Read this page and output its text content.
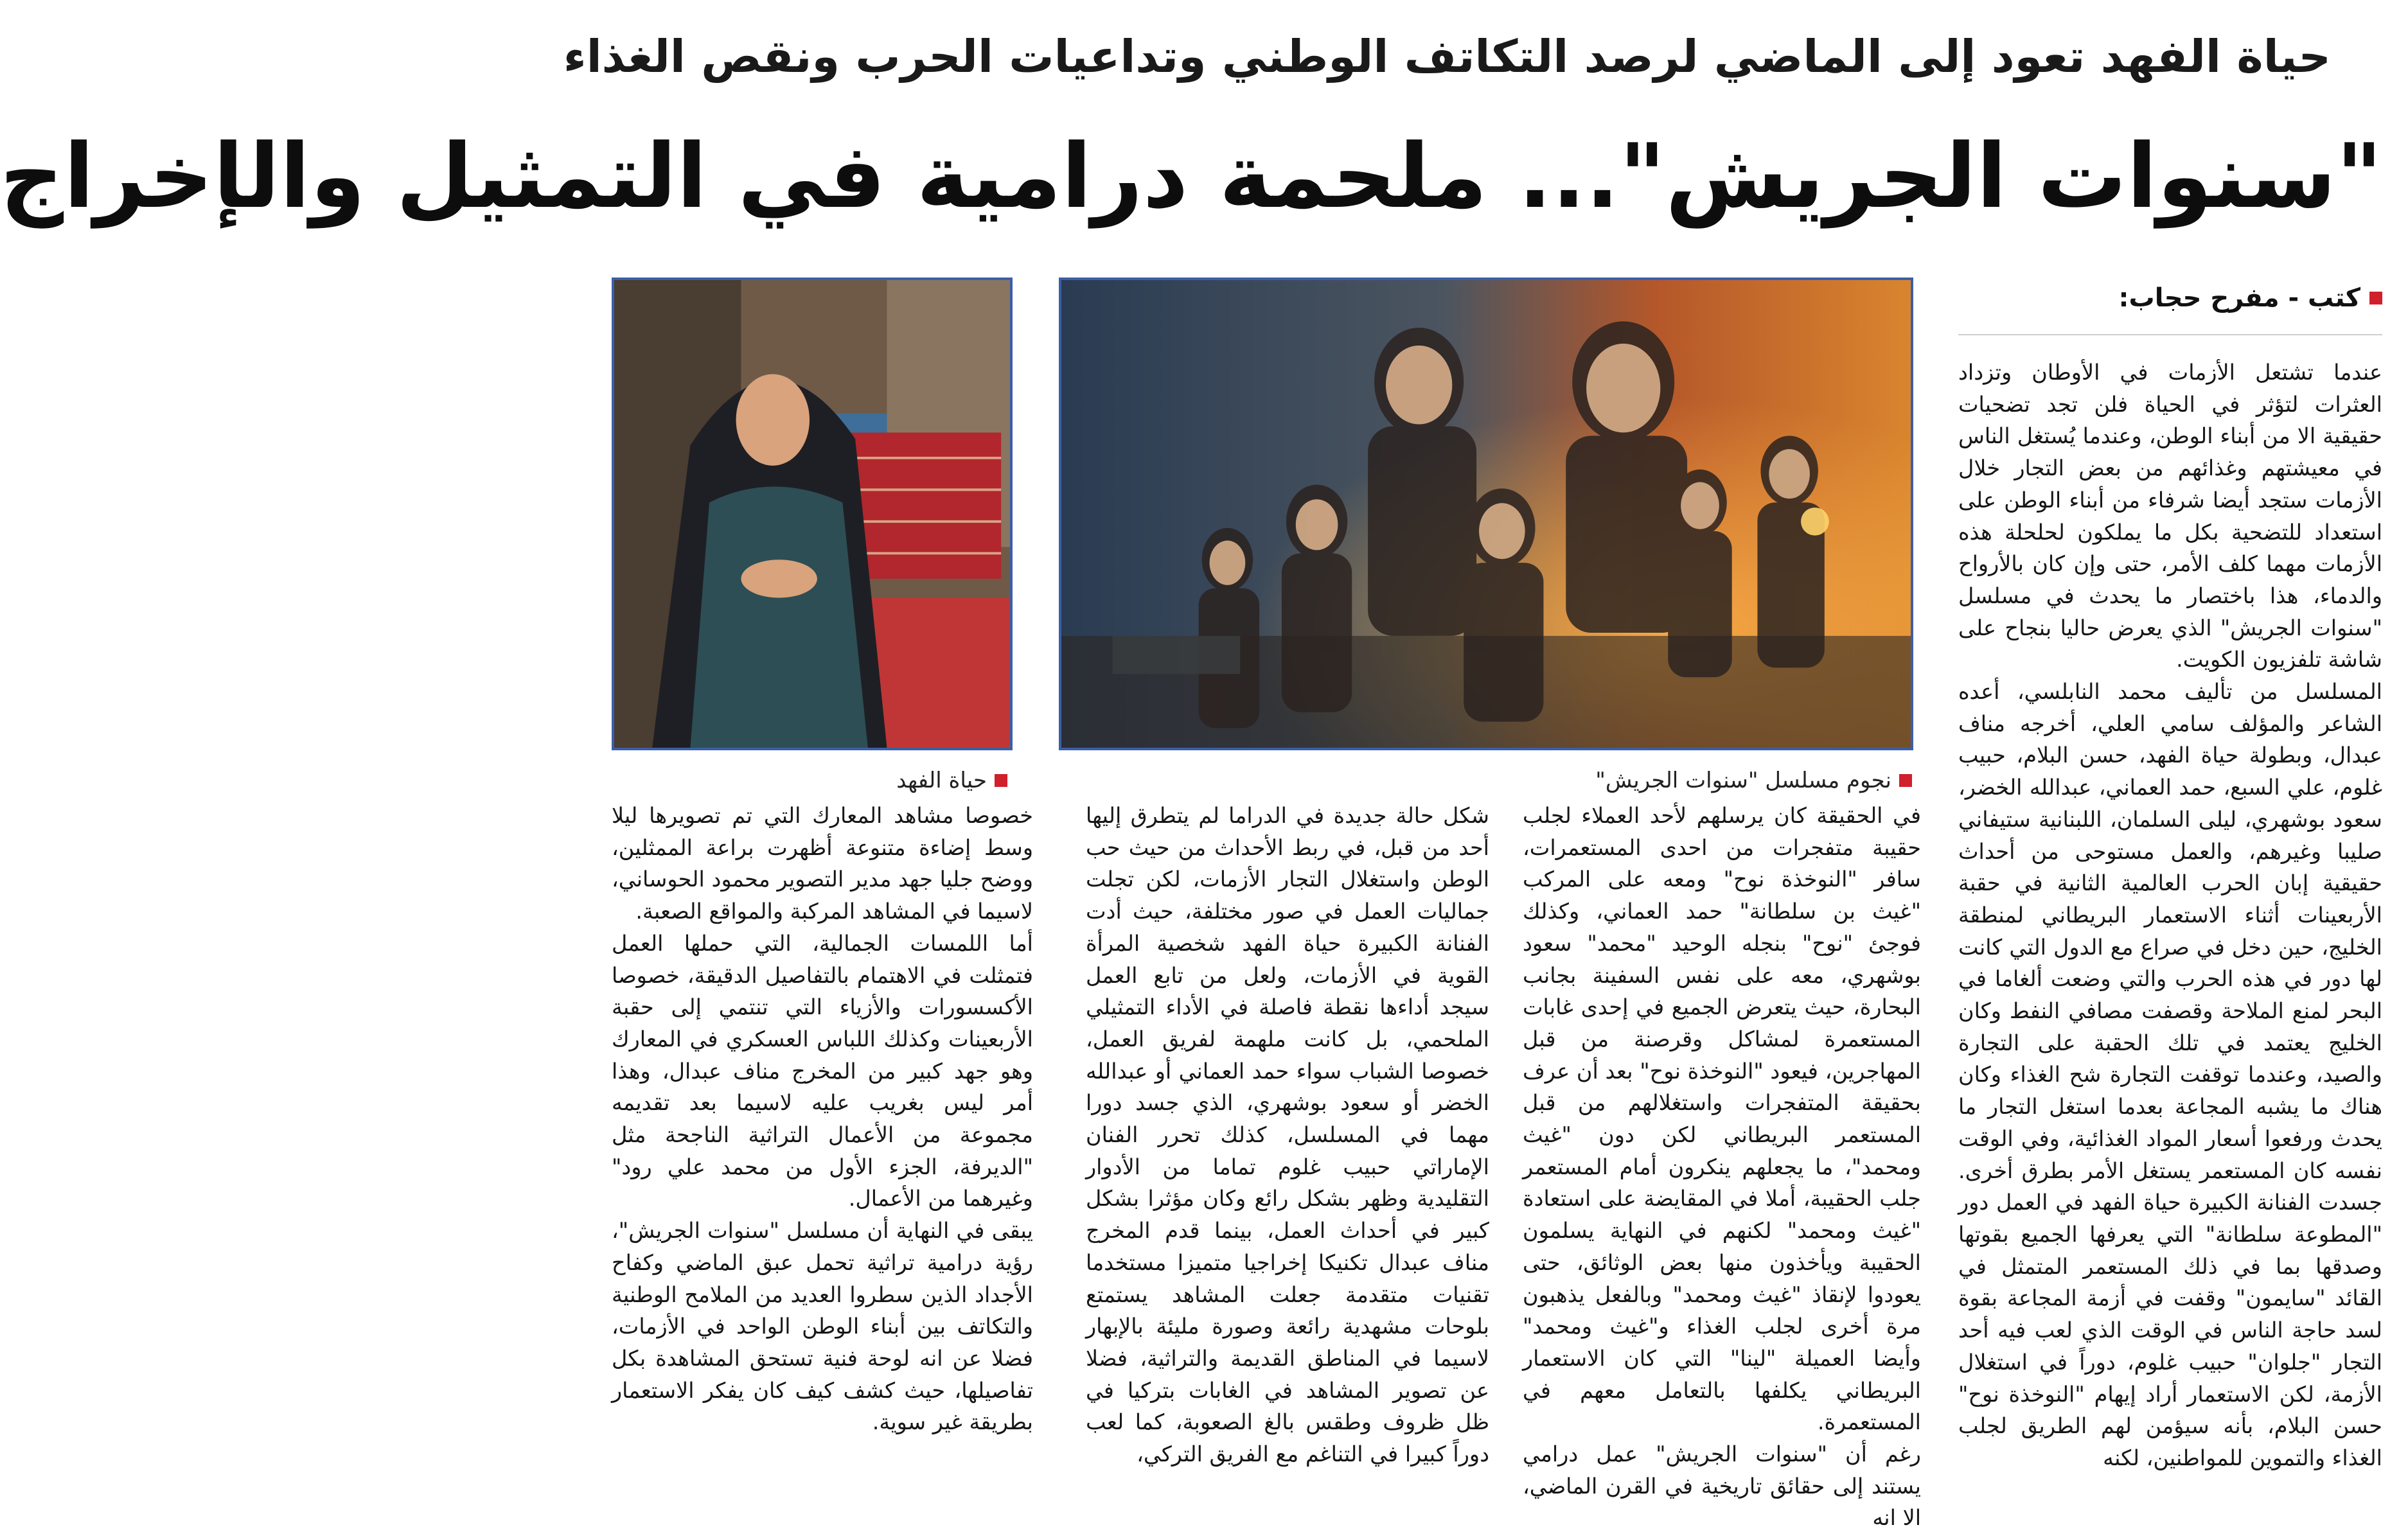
حياة الفهد تعود إلى الماضي لرصد التكاتف الوطني وتداعيات الحرب ونقص الغذاء
"سنوات الجريش"... ملحمة درامية في التمثيل والإخراج
نجوم مسلسل "سنوات الجريش"
حياة الفهد
كتب - مفرح حجاب:
عندما تشتعل الأزمات في الأوطان وتزداد العثرات لتؤثر في الحياة فلن تجد تضحيات حقيقية الا من أبناء الوطن، وعندما يُستغل الناس في معيشتهم وغذائهم من بعض التجار خلال الأزمات ستجد أيضا شرفاء من أبناء الوطن على استعداد للتضحية بكل ما يملكون لحلحلة هذه الأزمات مهما كلف الأمر، حتى وإن كان بالأرواح والدماء، هذا باختصار ما يحدث في مسلسل "سنوات الجريش" الذي يعرض حاليا بنجاح على شاشة تلفزيون الكويت.
المسلسل من تأليف محمد النابلسي، أعده الشاعر والمؤلف سامي العلي، أخرجه مناف عبدال، وبطولة حياة الفهد، حسن البلام، حبيب غلوم، علي السبع، حمد العماني، عبدالله الخضر، سعود بوشهري، ليلى السلمان، اللبنانية ستيفاني صليبا وغيرهم، والعمل مستوحى من أحداث حقيقية إبان الحرب العالمية الثانية في حقبة الأربعينات أثناء الاستعمار البريطاني لمنطقة الخليج، حين دخل في صراع مع الدول التي كانت لها دور في هذه الحرب والتي وضعت ألغاما في البحر لمنع الملاحة وقصفت مصافي النفط وكان الخليج يعتمد في تلك الحقبة على التجارة والصيد، وعندما توقفت التجارة شح الغذاء وكان هناك ما يشبه المجاعة بعدما استغل التجار ما يحدث ورفعوا أسعار المواد الغذائية، وفي الوقت نفسه كان المستعمر يستغل الأمر بطرق أخرى. جسدت الفنانة الكبيرة حياة الفهد في العمل دور "المطوعة سلطانة" التي يعرفها الجميع بقوتها وصدقها بما في ذلك المستعمر المتمثل في القائد "سايمون" وقفت في أزمة المجاعة بقوة لسد حاجة الناس في الوقت الذي لعب فيه أحد التجار "جلوان" حبيب غلوم، دوراً في استغلال الأزمة، لكن الاستعمار أراد إيهام "النوخذة نوح" حسن البلام، بأنه سيؤمن لهم الطريق لجلب الغذاء والتموين للمواطنين، لكنه
في الحقيقة كان يرسلهم لأحد العملاء لجلب حقيبة متفجرات من احدى المستعمرات، سافر "النوخذة نوح" ومعه على المركب "غيث بن سلطانة" حمد العماني، وكذلك فوجئ "نوح" بنجله الوحيد "محمد" سعود بوشهري، معه على نفس السفينة بجانب البحارة، حيث يتعرض الجميع في إحدى غابات المستعمرة لمشاكل وقرصنة من قبل المهاجرين، فيعود "النوخذة نوح" بعد أن عرف بحقيقة المتفجرات واستغلالهم من قبل المستعمر البريطاني لكن دون "غيث ومحمد"، ما يجعلهم ينكرون أمام المستعمر جلب الحقيبة، أملا في المقايضة على استعادة "غيث ومحمد" لكنهم في النهاية يسلمون الحقيبة ويأخذون منها بعض الوثائق، حتى يعودوا لإنقاذ "غيث ومحمد" وبالفعل يذهبون مرة أخرى لجلب الغذاء و"غيث ومحمد" وأيضا العميلة "لينا" التي كان الاستعمار البريطاني يكلفها بالتعامل معهم في المستعمرة.
رغم أن "سنوات الجريش" عمل درامي يستند إلى حقائق تاريخية في القرن الماضي، الا انه
شكل حالة جديدة في الدراما لم يتطرق إليها أحد من قبل، في ربط الأحداث من حيث حب الوطن واستغلال التجار الأزمات، لكن تجلت جماليات العمل في صور مختلفة، حيث أدت الفنانة الكبيرة حياة الفهد شخصية المرأة القوية في الأزمات، ولعل من تابع العمل سيجد أداءها نقطة فاصلة في الأداء التمثيلي الملحمي، بل كانت ملهمة لفريق العمل، خصوصا الشباب سواء حمد العماني أو عبدالله الخضر أو سعود بوشهري، الذي جسد دورا مهما في المسلسل، كذلك تحرر الفنان الإماراتي حبيب غلوم تماما من الأدوار التقليدية وظهر بشكل رائع وكان مؤثرا بشكل كبير في أحداث العمل، بينما قدم المخرج مناف عبدال تكنيكا إخراجيا متميزا مستخدما تقنيات متقدمة جعلت المشاهد يستمتع بلوحات مشهدية رائعة وصورة مليئة بالإبهار لاسيما في المناطق القديمة والتراثية، فضلا عن تصوير المشاهد في الغابات بتركيا في ظل ظروف وطقس بالغ الصعوبة، كما لعب دوراً كبيرا في التناغم مع الفريق التركي،
خصوصا مشاهد المعارك التي تم تصويرها ليلا وسط إضاءة متنوعة أظهرت براعة الممثلين، ووضح جليا جهد مدير التصوير محمود الحوساني، لاسيما في المشاهد المركبة والمواقع الصعبة.
أما اللمسات الجمالية، التي حملها العمل فتمثلت في الاهتمام بالتفاصيل الدقيقة، خصوصا الأكسسورات والأزياء التي تنتمي إلى حقبة الأربعينات وكذلك اللباس العسكري في المعارك وهو جهد كبير من المخرج مناف عبدال، وهذا أمر ليس بغريب عليه لاسيما بعد تقديمه مجموعة من الأعمال التراثية الناجحة مثل "الديرفة، الجزء الأول من محمد علي رود" وغيرهما من الأعمال.
يبقى في النهاية أن مسلسل "سنوات الجريش"، رؤية درامية تراثية تحمل عبق الماضي وكفاح الأجداد الذين سطروا العديد من الملامح الوطنية والتكاتف بين أبناء الوطن الواحد في الأزمات، فضلا عن انه لوحة فنية تستحق المشاهدة بكل تفاصيلها، حيث كشف كيف كان يفكر الاستعمار بطريقة غير سوية.
